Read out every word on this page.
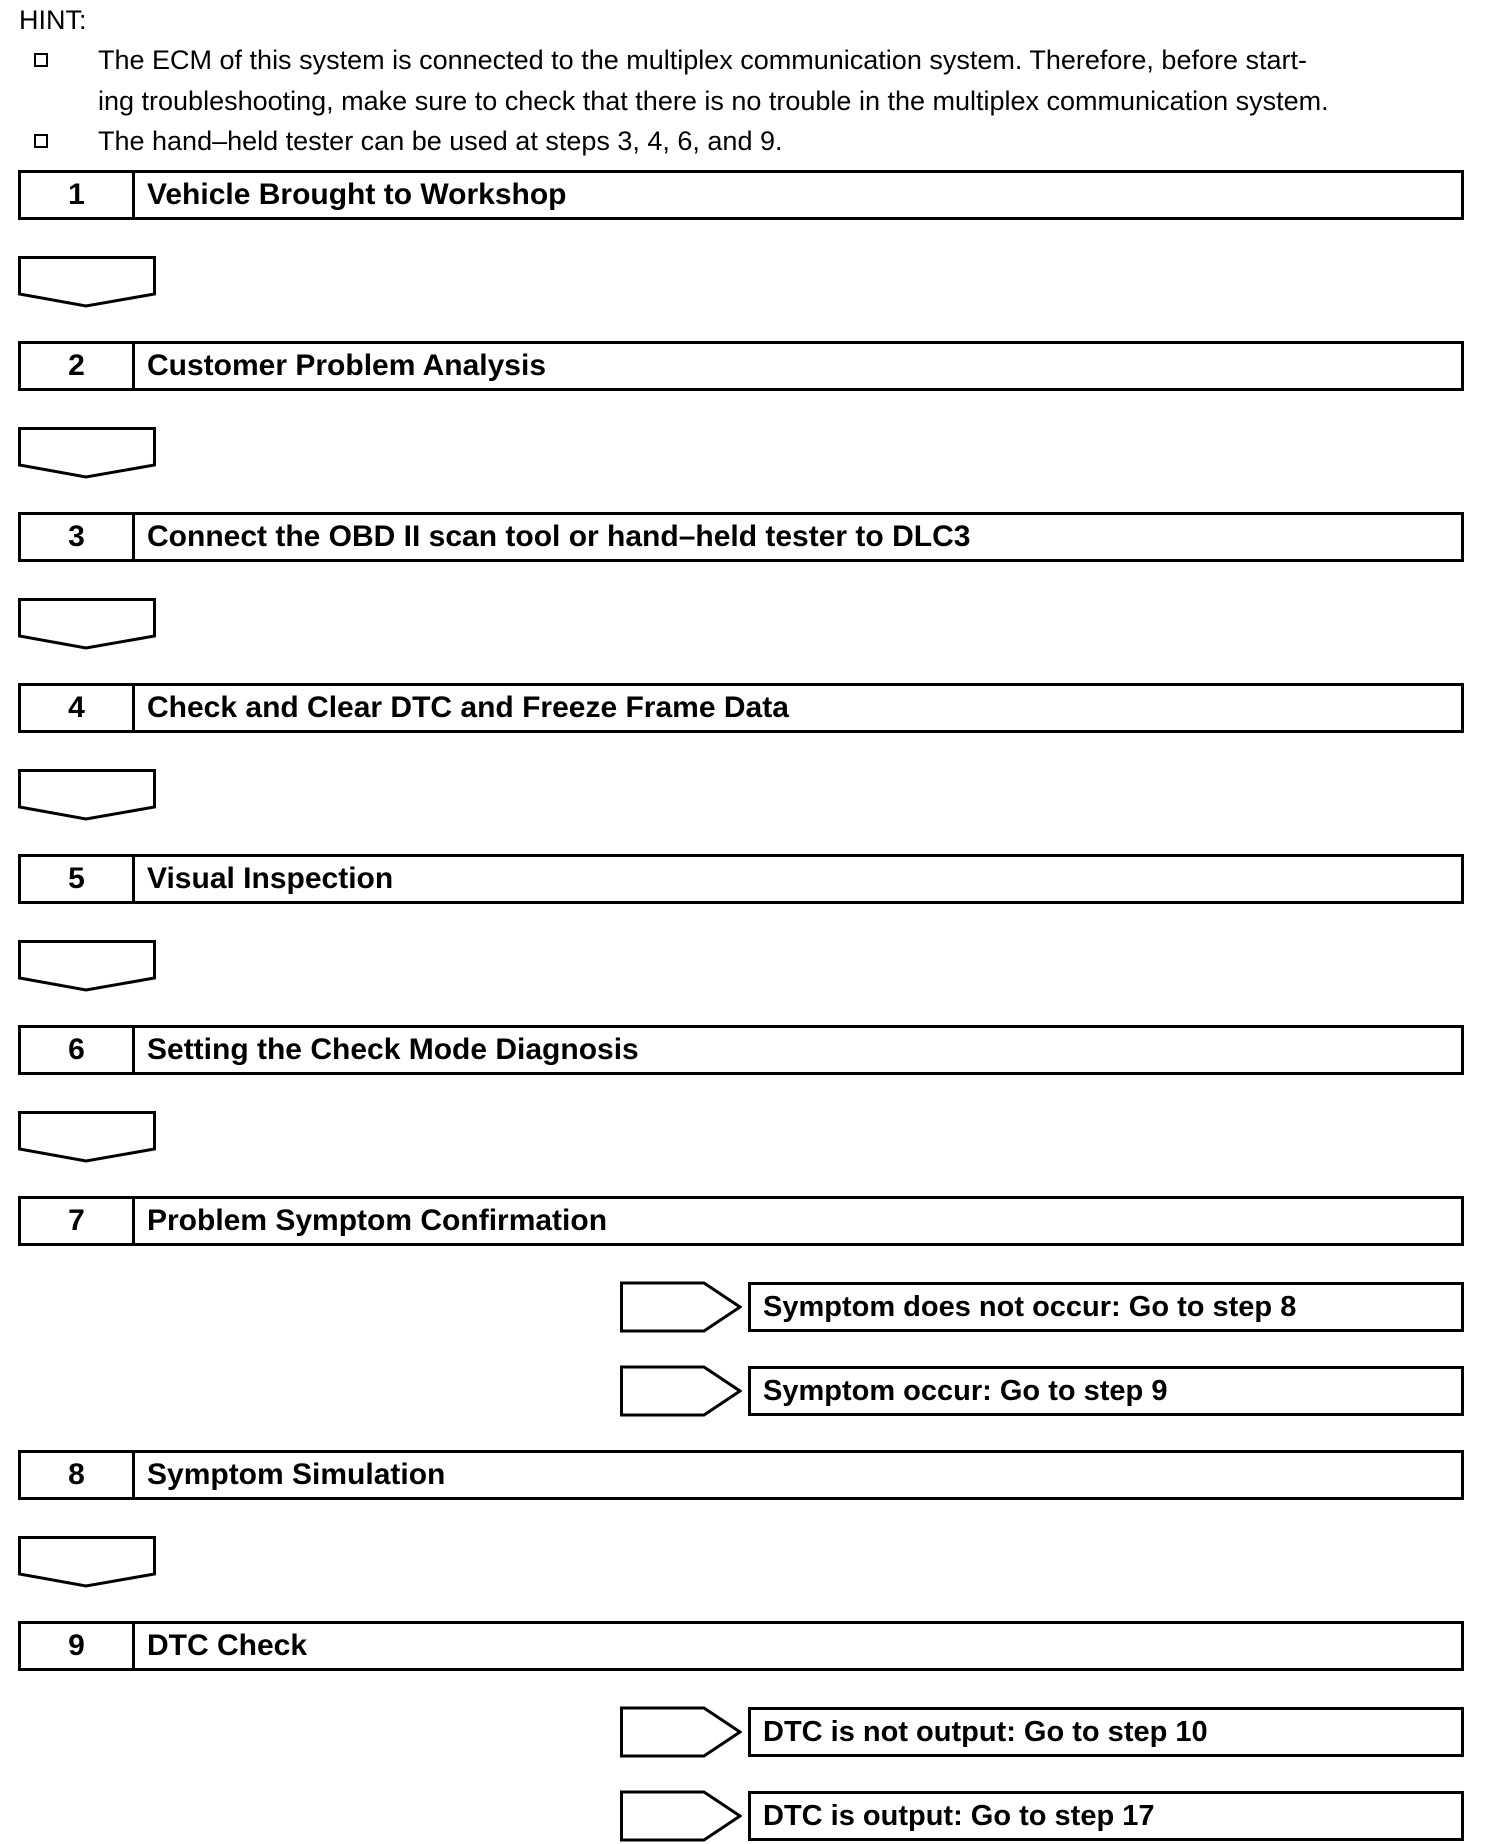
HINT:
The ECM of this system is connected to the multiplex communication system. Therefore, before start-
ing troubleshooting, make sure to check that there is no trouble in the multiplex communication system.
The hand–held tester can be used at steps 3, 4, 6, and 9.
1	Vehicle Brought to Workshop
2	Customer Problem Analysis
3	Connect the OBD II scan tool or hand–held tester to DLC3
4	Check and Clear DTC and Freeze Frame Data
5	Visual Inspection
6	Setting the Check Mode Diagnosis
7	Problem Symptom Confirmation
Symptom does not occur: Go to step 8
Symptom occur: Go to step 9
8	Symptom Simulation
9	DTC Check
DTC is not output: Go to step 10
DTC is output: Go to step 17
